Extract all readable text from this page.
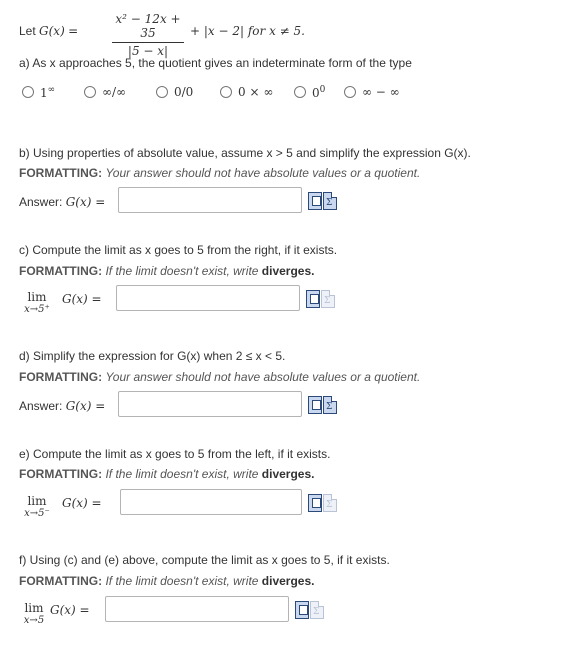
Let G(x) =
x² − 12x + 35
|5 − x|
+ |x − 2| for x ≠ 5.
a) As x approaches 5, the quotient gives an indeterminate form of the type
1∞	∞/∞	0/0	0 × ∞	$0^0$	∞ − ∞
b) Using properties of absolute value, assume x > 5 and simplify the expression G(x).
FORMATTING: Your answer should not have absolute values or a quotient.
Answer: G(x) =	Σ
c) Compute the limit as x goes to 5 from the right, if it exists.
FORMATTING: If the limit doesn't exist, write diverges.
lim
x→5⁺
G(x) =	Σ
d) Simplify the expression for G(x) when 2 ≤ x < 5.
FORMATTING: Your answer should not have absolute values or a quotient.
Answer: G(x) =	Σ
e) Compute the limit as x goes to 5 from the left, if it exists.
FORMATTING: If the limit doesn't exist, write diverges.
lim
x→5⁻
G(x) =	Σ
f) Using (c) and (e) above, compute the limit as x goes to 5, if it exists.
FORMATTING: If the limit doesn't exist, write diverges.
lim
x→5
G(x) =	Σ
